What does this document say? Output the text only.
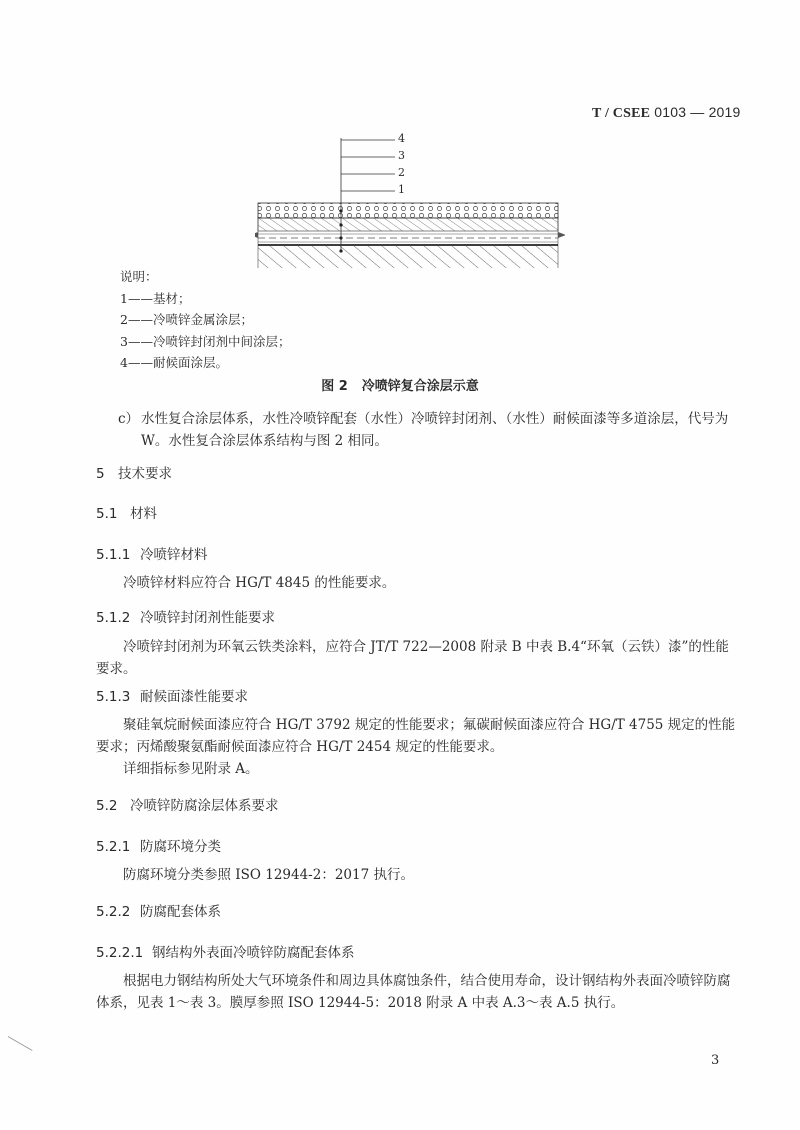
T / CSEE 0103 — 2019
4
3
2
1
说明：
1——基材；
2——冷喷锌金属涂层；
3——冷喷锌封闭剂中间涂层；
4——耐候面涂层。
图 2 冷喷锌复合涂层示意
c） 水性复合涂层体系，水性冷喷锌配套（水性）冷喷锌封闭剂、（水性）耐候面漆等多道涂层，代号为 W。水性复合涂层体系结构与图 2 相同。
5 技术要求
5.1 材料
5.1.1 冷喷锌材料
冷喷锌材料应符合 HG/T 4845 的性能要求。
5.1.2 冷喷锌封闭剂性能要求
冷喷锌封闭剂为环氧云铁类涂料，应符合 JT/T 722—2008 附录 B 中表 B.4“环氧（云铁）漆”的性能要求。
5.1.3 耐候面漆性能要求
聚硅氧烷耐候面漆应符合 HG/T 3792 规定的性能要求；氟碳耐候面漆应符合 HG/T 4755 规定的性能要求；丙烯酸聚氨酯耐候面漆应符合 HG/T 2454 规定的性能要求。
详细指标参见附录 A。
5.2 冷喷锌防腐涂层体系要求
5.2.1 防腐环境分类
防腐环境分类参照 ISO 12944-2：2017 执行。
5.2.2 防腐配套体系
5.2.2.1 钢结构外表面冷喷锌防腐配套体系
根据电力钢结构所处大气环境条件和周边具体腐蚀条件，结合使用寿命，设计钢结构外表面冷喷锌防腐体系，见表 1～表 3。膜厚参照 ISO 12944-5：2018 附录 A 中表 A.3～表 A.5 执行。
3
